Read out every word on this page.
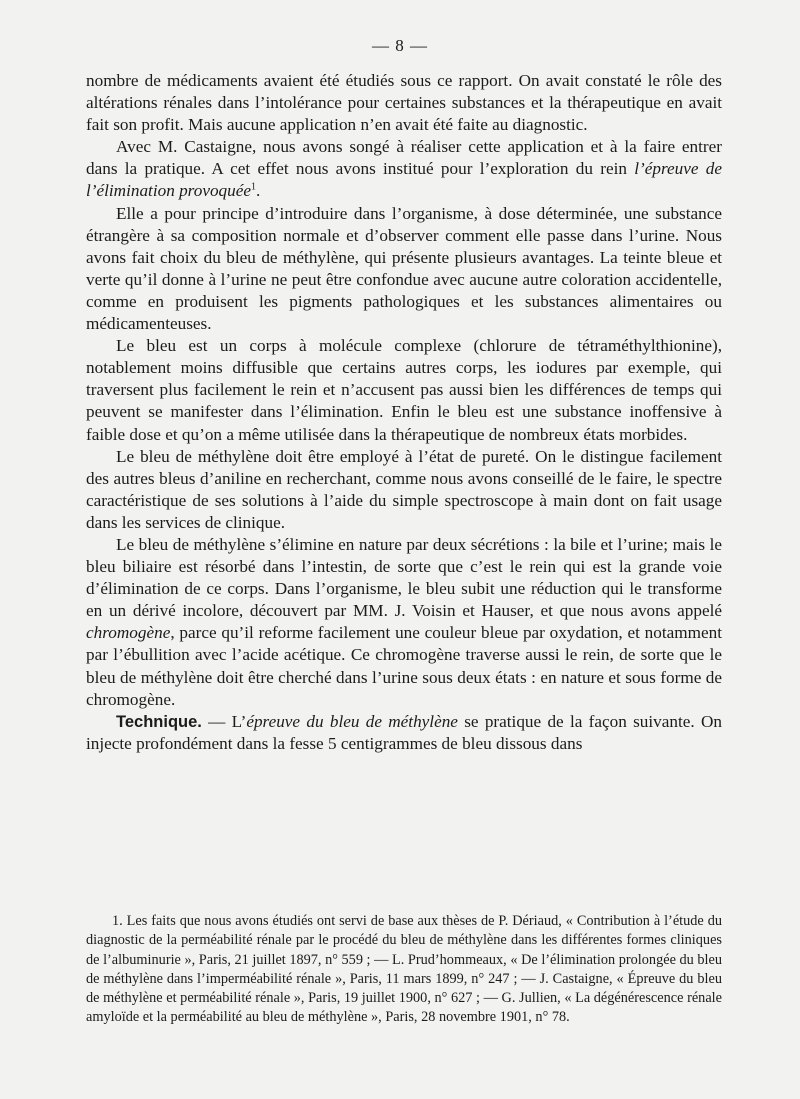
— 8 —

nombre de médicaments avaient été étudiés sous ce rapport. On avait constaté le rôle des altérations rénales dans l’intolérance pour certaines substances et la thérapeutique en avait fait son profit. Mais aucune application n’en avait été faite au diagnostic.

Avec M. Castaigne, nous avons songé à réaliser cette application et à la faire entrer dans la pratique. A cet effet nous avons institué pour l’exploration du rein l’épreuve de l’élimination provoquée$^1$.

Elle a pour principe d’introduire dans l’organisme, à dose déterminée, une substance étrangère à sa composition normale et d’observer comment elle passe dans l’urine. Nous avons fait choix du bleu de méthylène, qui présente plusieurs avantages. La teinte bleue et verte qu’il donne à l’urine ne peut être confondue avec aucune autre coloration accidentelle, comme en produisent les pigments pathologiques et les substances alimentaires ou médicamenteuses.

Le bleu est un corps à molécule complexe (chlorure de tétraméthylthionine), notablement moins diffusible que certains autres corps, les iodures par exemple, qui traversent plus facilement le rein et n’accusent pas aussi bien les différences de temps qui peuvent se manifester dans l’élimination. Enfin le bleu est une substance inoffensive à faible dose et qu’on a même utilisée dans la thérapeutique de nombreux états morbides.

Le bleu de méthylène doit être employé à l’état de pureté. On le distingue facilement des autres bleus d’aniline en recherchant, comme nous avons conseillé de le faire, le spectre caractéristique de ses solutions à l’aide du simple spectroscope à main dont on fait usage dans les services de clinique.

Le bleu de méthylène s’élimine en nature par deux sécrétions : la bile et l’urine; mais le bleu biliaire est résorbé dans l’intestin, de sorte que c’est le rein qui est la grande voie d’élimination de ce corps. Dans l’organisme, le bleu subit une réduction qui le transforme en un dérivé incolore, découvert par MM. J. Voisin et Hauser, et que nous avons appelé chromogène, parce qu’il reforme facilement une couleur bleue par oxydation, et notamment par l’ébullition avec l’acide acétique. Ce chromogène traverse aussi le rein, de sorte que le bleu de méthylène doit être cherché dans l’urine sous deux états : en nature et sous forme de chromogène.

Technique. — L’épreuve du bleu de méthylène se pratique de la façon suivante. On injecte profondément dans la fesse 5 centigrammes de bleu dissous dans

1. Les faits que nous avons étudiés ont servi de base aux thèses de P. Dériaud, « Contribution à l’étude du diagnostic de la perméabilité rénale par le procédé du bleu de méthylène dans les différentes formes cliniques de l’albuminurie », Paris, 21 juillet 1897, n° 559 ; — L. Prud’hommeaux, « De l’élimination prolongée du bleu de méthylène dans l’imperméabilité rénale », Paris, 11 mars 1899, n° 247 ; — J. Castaigne, « Épreuve du bleu de méthylène et perméabilité rénale », Paris, 19 juillet 1900, n° 627 ; — G. Jullien, « La dégénérescence rénale amyloïde et la perméabilité au bleu de méthylène », Paris, 28 novembre 1901, n° 78.
